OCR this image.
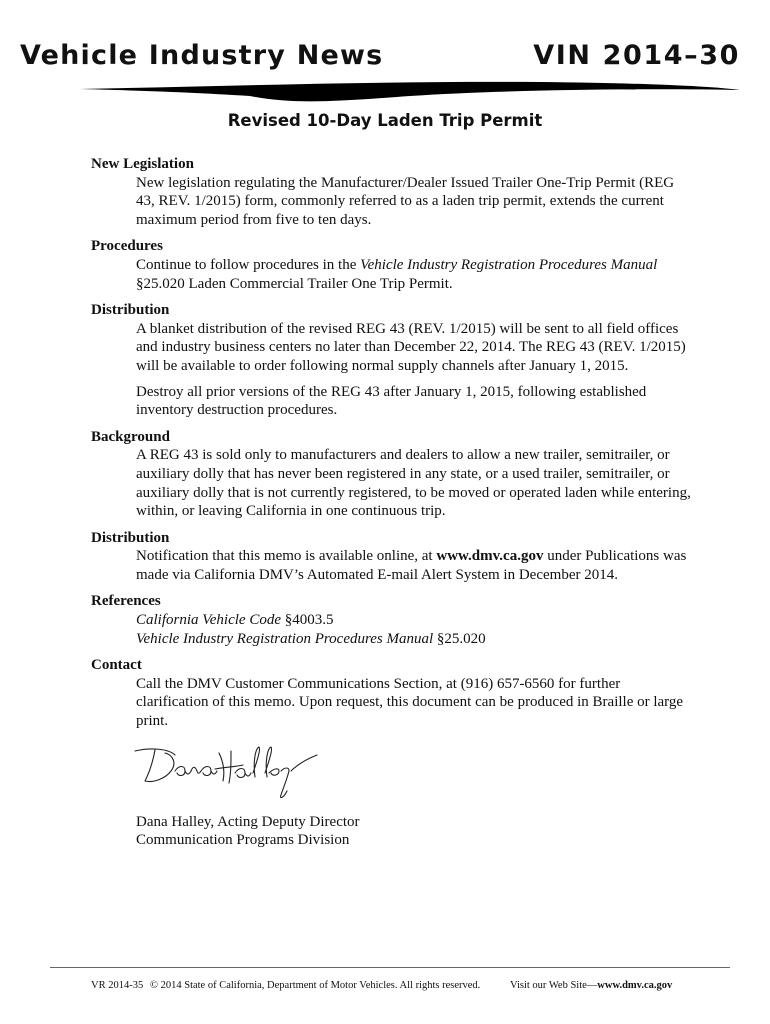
Vehicle Industry News	VIN 2014–30
Revised 10-Day Laden Trip Permit
New Legislation
New legislation regulating the Manufacturer/Dealer Issued Trailer One-Trip Permit (REG 43, REV. 1/2015) form, commonly referred to as a laden trip permit, extends the current maximum period from five to ten days.
Procedures
Continue to follow procedures in the Vehicle Industry Registration Procedures Manual §25.020 Laden Commercial Trailer One Trip Permit.
Distribution
A blanket distribution of the revised REG 43 (REV. 1/2015) will be sent to all field offices and industry business centers no later than December 22, 2014. The REG 43 (REV. 1/2015) will be available to order following normal supply channels after January 1, 2015.
Destroy all prior versions of the REG 43 after January 1, 2015, following established inventory destruction procedures.
Background
A REG 43 is sold only to manufacturers and dealers to allow a new trailer, semitrailer, or auxiliary dolly that has never been registered in any state, or a used trailer, semitrailer, or auxiliary dolly that is not currently registered, to be moved or operated laden while entering, within, or leaving California in one continuous trip.
Distribution
Notification that this memo is available online, at www.dmv.ca.gov under Publications was made via California DMV’s Automated E-mail Alert System in December 2014.
References
California Vehicle Code §4003.5
Vehicle Industry Registration Procedures Manual §25.020
Contact
Call the DMV Customer Communications Section, at (916) 657-6560 for further clarification of this memo. Upon request, this document can be produced in Braille or large print.
Dana Halley, Acting Deputy Director
Communication Programs Division
VR 2014-35 © 2014 State of California, Department of Motor Vehicles. All rights reserved.	Visit our Web Site—www.dmv.ca.gov
